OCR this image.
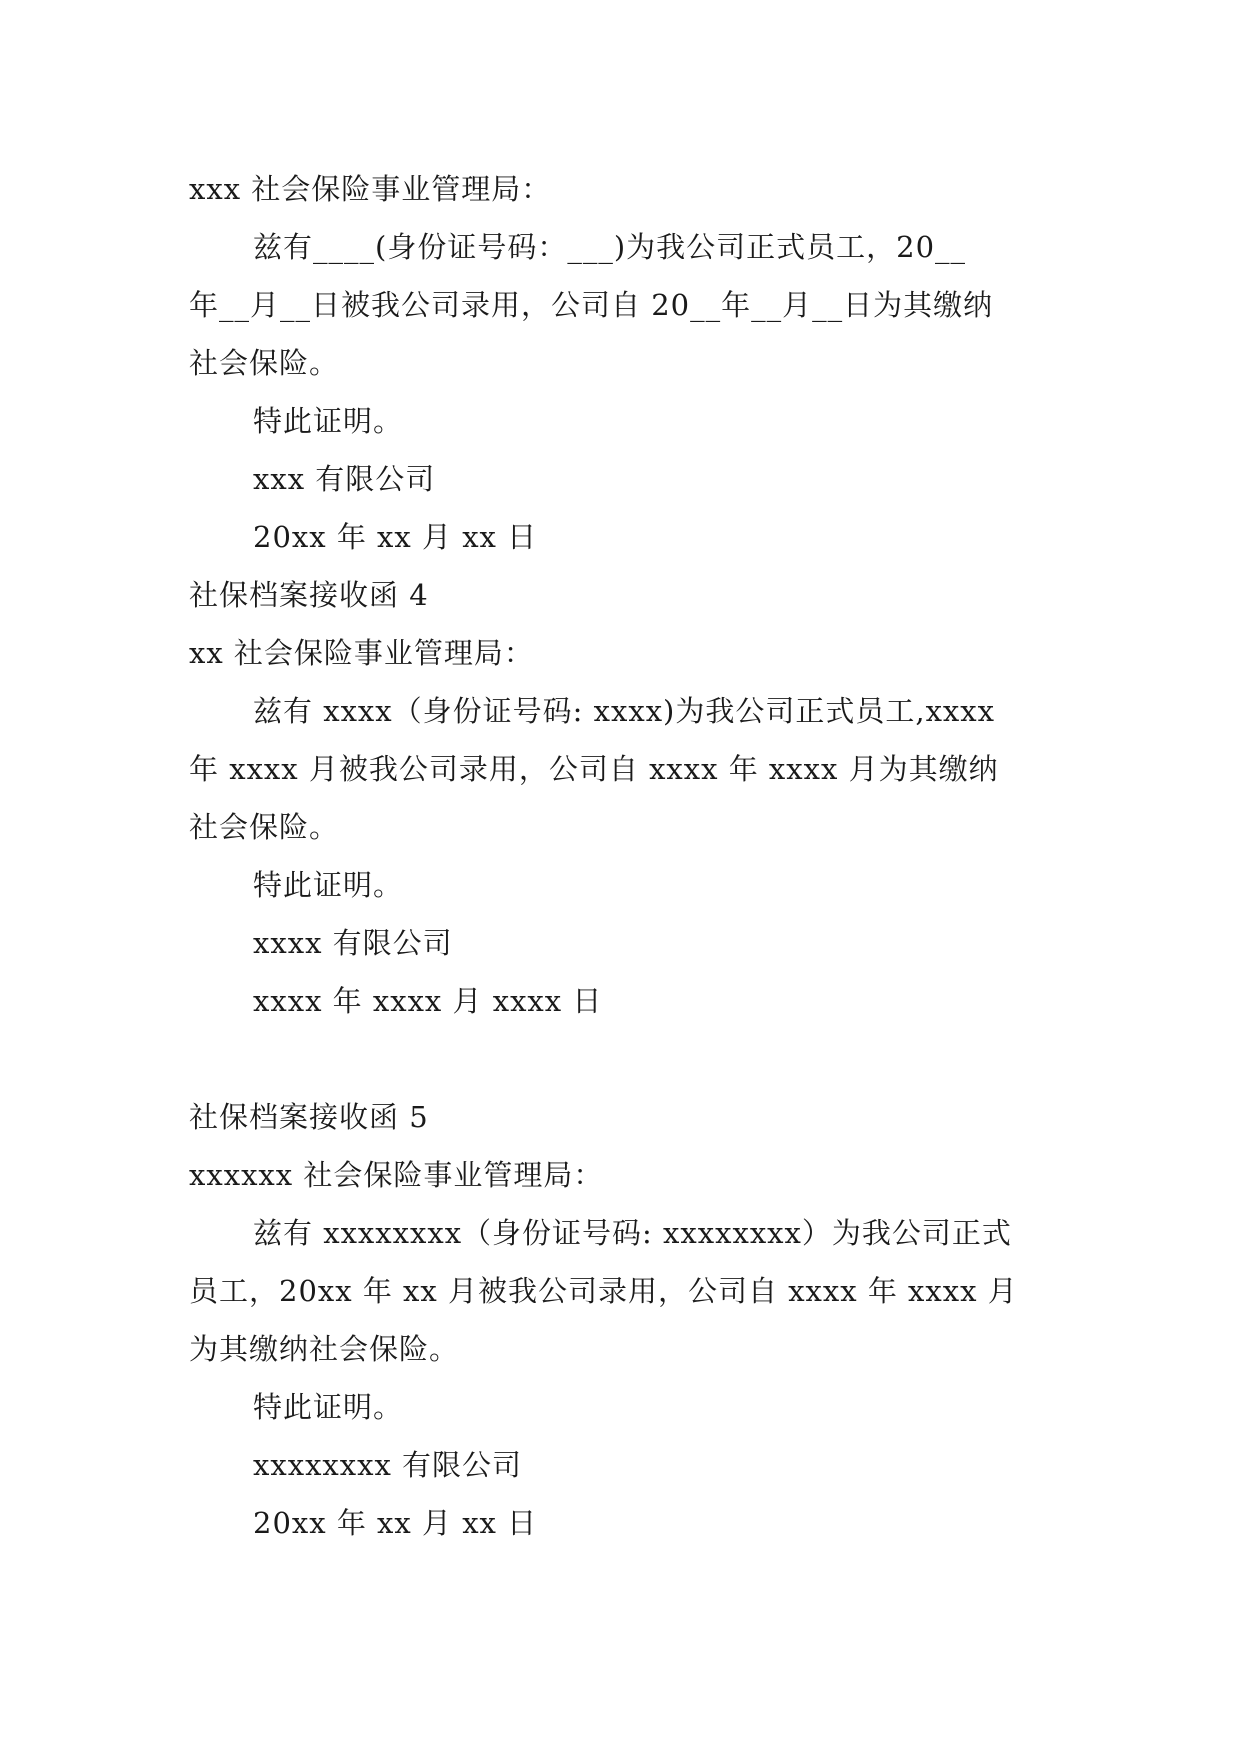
xxx 社会保险事业管理局：
兹有____(身份证号码：___)为我公司正式员工，20__
年__月__日被我公司录用，公司自 20__年__月__日为其缴纳
社会保险。
特此证明。
xxx 有限公司
20xx 年 xx 月 xx 日
社保档案接收函 4
xx 社会保险事业管理局：
兹有 xxxx（身份证号码: xxxx)为我公司正式员工,xxxx
年 xxxx 月被我公司录用，公司自 xxxx 年 xxxx 月为其缴纳
社会保险。
特此证明。
xxxx 有限公司
xxxx 年 xxxx 月 xxxx 日
社保档案接收函 5
xxxxxx 社会保险事业管理局：
兹有 xxxxxxxx（身份证号码: xxxxxxxx）为我公司正式
员工，20xx 年 xx 月被我公司录用，公司自 xxxx 年 xxxx 月
为其缴纳社会保险。
特此证明。
xxxxxxxx 有限公司
20xx 年 xx 月 xx 日
